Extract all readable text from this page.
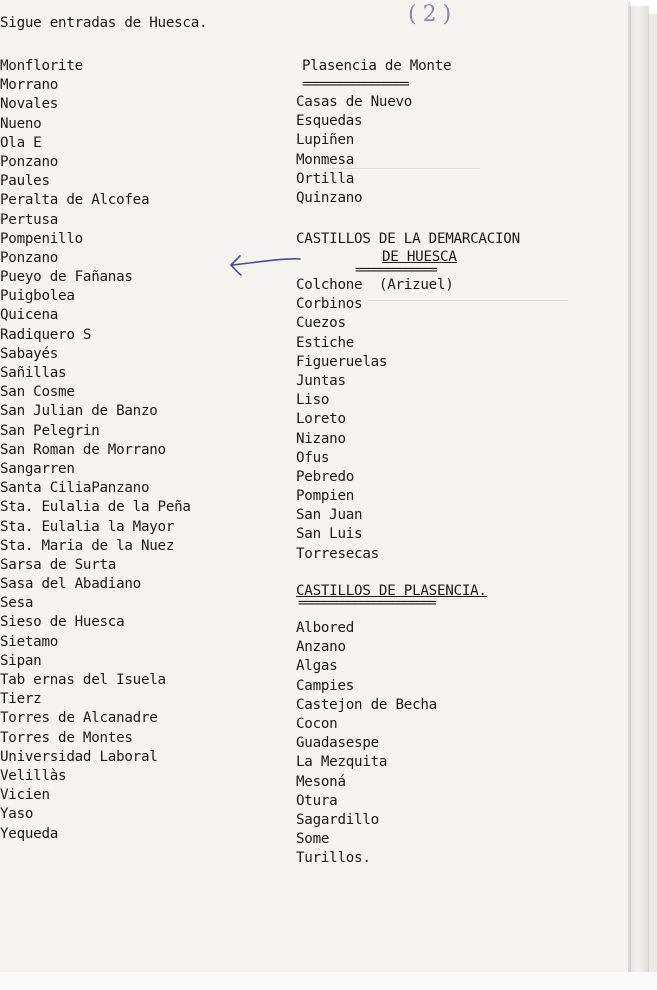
(2)
Sigue entradas de Huesca.
Monflorite
Morrano
Novales
Nueno
Ola E
Ponzano
Paules
Peralta de Alcofea
Pertusa
Pompenillo
Ponzano
Pueyo de Fañanas
Puigbolea
Quicena
Radiquero S
Sabayés
Sañillas
San Cosme
San Julian de Banzo
San Pelegrin
San Roman de Morrano
Sangarren
Santa CiliaPanzano
Sta. Eulalia de la Peña
Sta. Eulalia la Mayor
Sta. Maria de la Nuez
Sarsa de Surta
Sasa del Abadiano
Sesa
Sieso de Huesca
Sietamo
Sipan
Tab ernas del Isuela
Tierz
Torres de Alcanadre
Torres de Montes
Universidad Laboral
Velillàs
Vicien
Yaso
Yequeda
Plasencia de Monte
=================
Casas de Nuevo
Esquedas
Lupiñen
Monmesa
Ortilla
Quinzano
CASTILLOS DE LA DEMARCACION
DE HUESCA
=============
Colchone  (Arizuel)
Corbinos
Cuezos
Estiche
Figueruelas
Juntas
Liso
Loreto
Nizano
Ofus
Pebredo
Pompien
San Juan
San Luis
Torresecas
CASTILLOS DE PLASENCIA.
======================
Albored
Anzano
Algas
Campies
Castejon de Becha
Cocon
Guadasespe
La Mezquita
Mesoná
Otura
Sagardillo
Some
Turillos.
